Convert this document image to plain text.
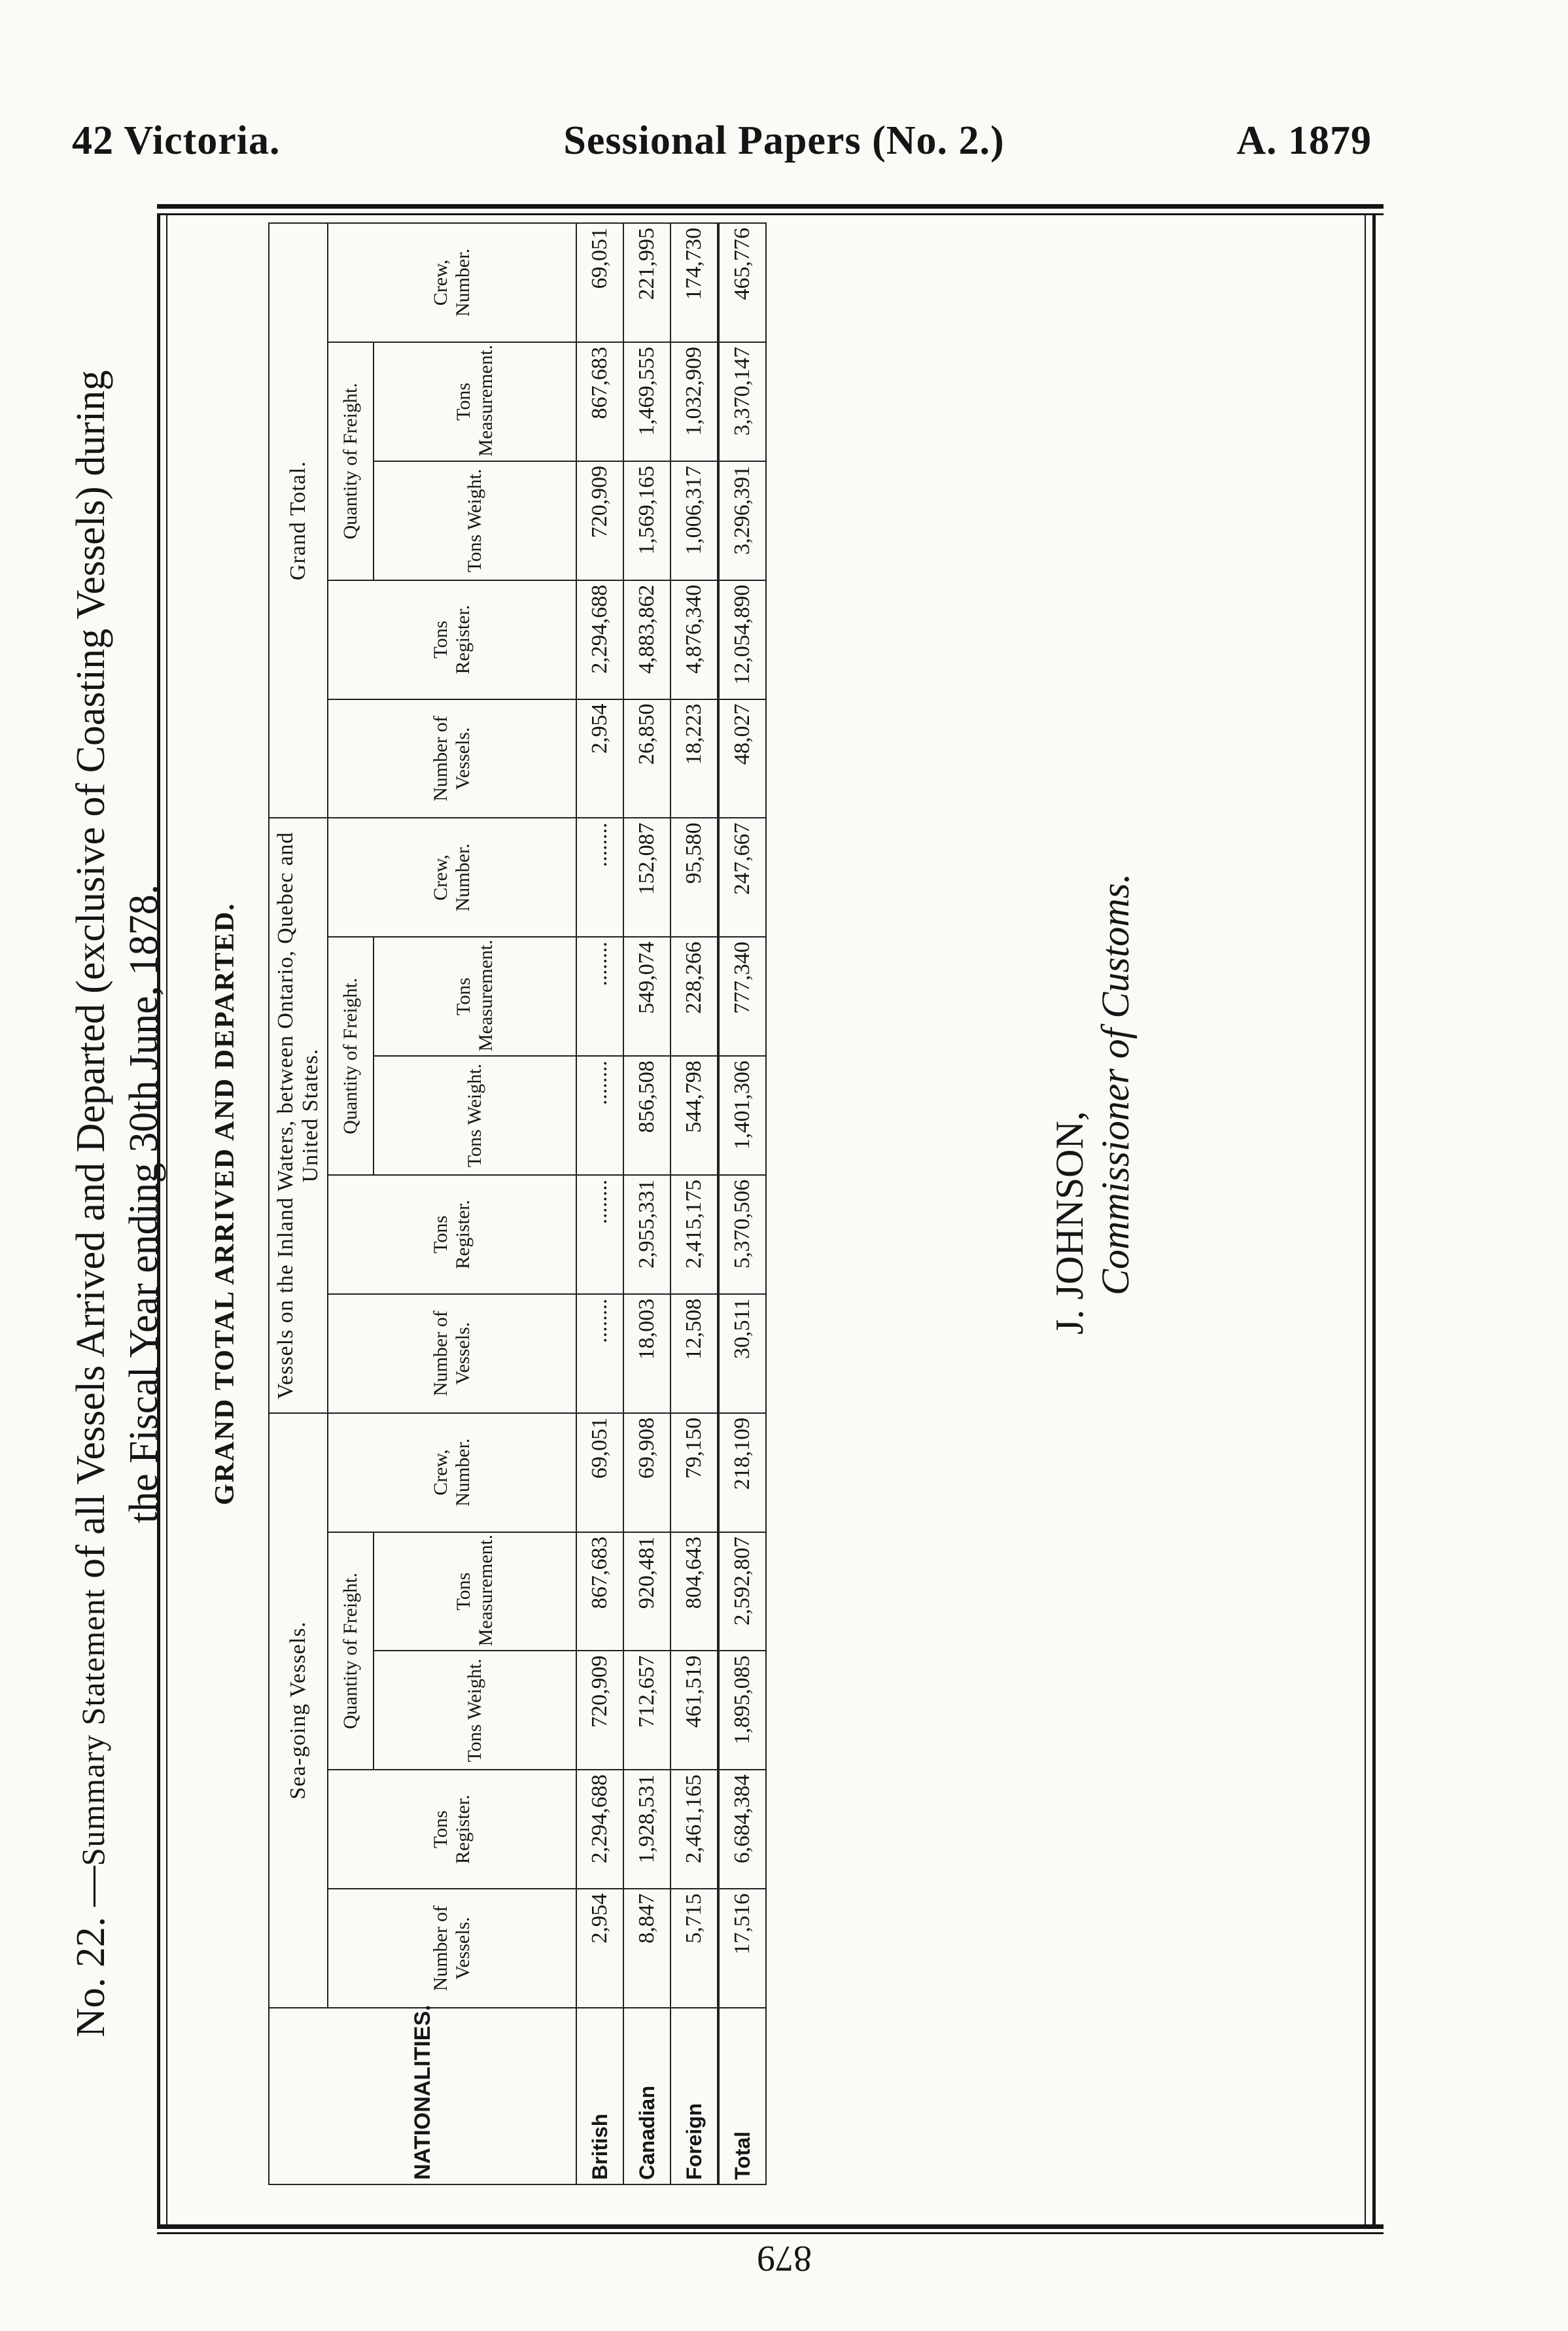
42 Victoria.	Sessional Papers (No. 2.)	A. 1879
No. 22. —Summary Statement of all Vessels Arrived and Departed (exclusive of Coasting Vessels) during the Fiscal Year ending 30th June, 1878. GRAND TOTAL ARRIVED AND DEPARTED.
NATIONALITIES.	Sea-going Vessels.					Vessels on the Inland Waters, between Ontario, Quebec and United States.					Grand Total.				
	Number of Vessels.	Tons Register.	Quantity of Freight.		Crew, Number.	Number of Vessels.	Tons Register.	Quantity of Freight.		Crew, Number.	Number of Vessels.	Tons Register.	Quantity of Freight.		Crew, Number.
			Tons Weight.	Tons Measurement.				Tons Weight.	Tons Measurement.				Tons Weight.	Tons Measurement.	
British	2,954	2,294,688	720,909	867,683	69,051	........	........	........	........	........	2,954	2,294,688	720,909	867,683	69,051
Canadian	8,847	1,928,531	712,657	920,481	69,908	18,003	2,955,331	856,508	549,074	152,087	26,850	4,883,862	1,569,165	1,469,555	221,995
Foreign	5,715	2,461,165	461,519	804,643	79,150	12,508	2,415,175	544,798	228,266	95,580	18,223	4,876,340	1,006,317	1,032,909	174,730
Total	17,516	6,684,384	1,895,085	2,592,807	218,109	30,511	5,370,506	1,401,306	777,340	247,667	48,027	12,054,890	3,296,391	3,370,147	465,776
J. JOHNSON, Commissioner of Customs.
879
